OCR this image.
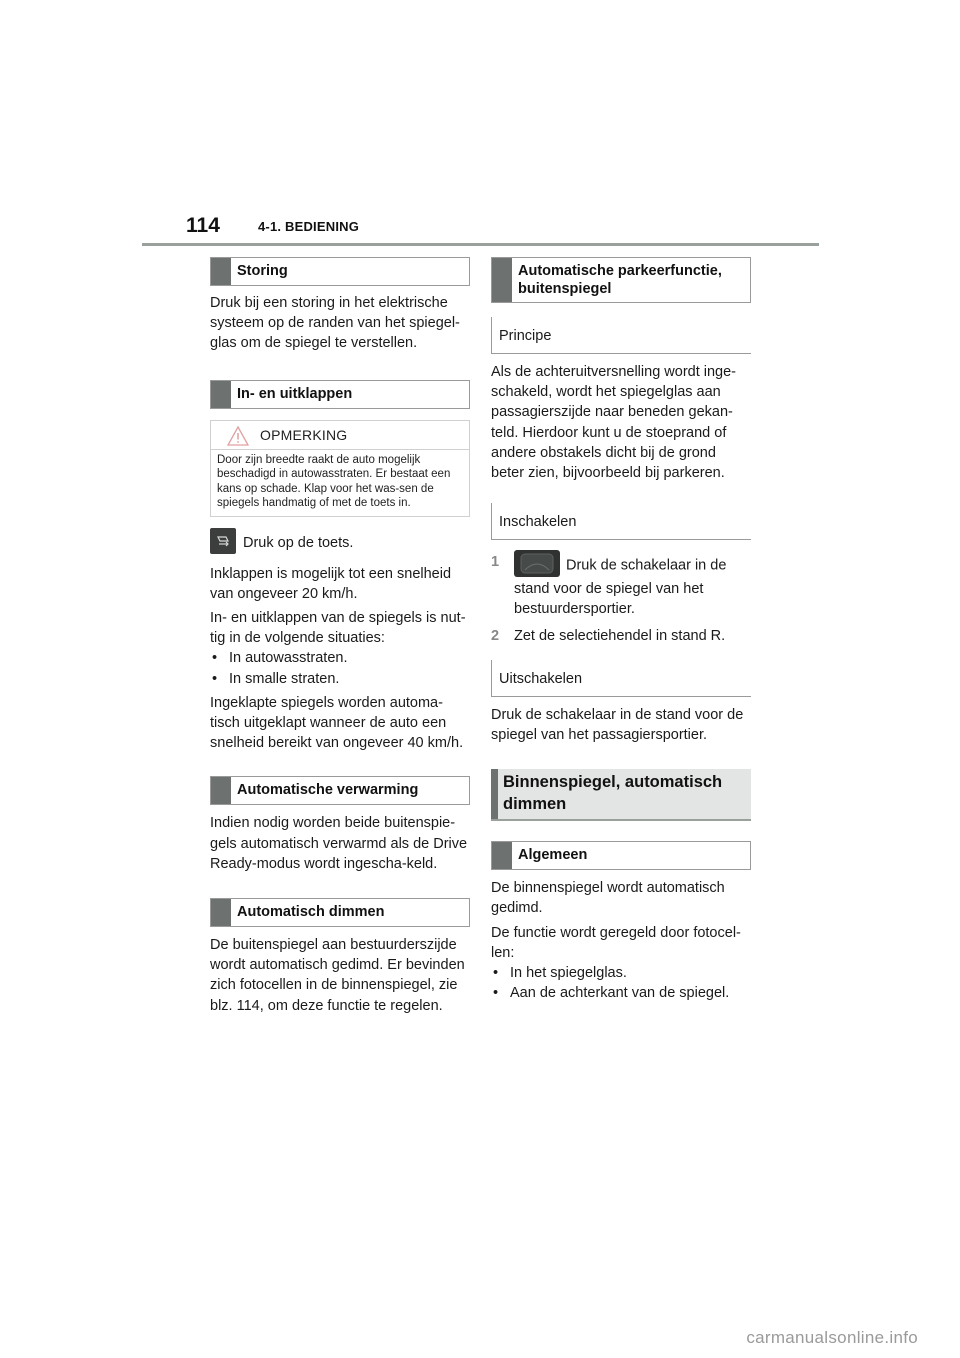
114	4-1. BEDIENING
Storing

Druk bij een storing in het elektrische systeem op de randen van het spiegel-glas om de spiegel te verstellen.

In- en uitklappen
OPMERKING
Door zijn breedte raakt de auto mogelijk beschadigd in autowasstraten. Er bestaat een kans op schade. Klap voor het was-sen de spiegels handmatig of met de toets in.

Druk op de toets.

Inklappen is mogelijk tot een snelheid van ongeveer 20 km/h.

In- en uitklappen van de spiegels is nut-tig in de volgende situaties:

• In autowasstraten.

• In smalle straten.

Ingeklapte spiegels worden automa-tisch uitgeklapt wanneer de auto een snelheid bereikt van ongeveer 40 km/h.

Automatische verwarming

Indien nodig worden beide buitenspie-gels automatisch verwarmd als de Drive Ready-modus wordt ingescha-keld.

Automatisch dimmen

De buitenspiegel aan bestuurderszijde wordt automatisch gedimd. Er bevinden zich fotocellen in de binnenspiegel, zie blz. 114, om deze functie te regelen.

Automatische parkeerfunctie, buitenspiegel
Principe

Als de achteruitversnelling wordt inge-schakeld, wordt het spiegelglas aan passagierszijde naar beneden gekan-teld. Hierdoor kunt u de stoeprand of andere obstakels dicht bij de grond beter zien, bijvoorbeeld bij parkeren.

Inschakelen

1	Druk de schakelaar in de stand voor de spiegel van het bestuurdersportier.

2 Zet de selectiehendel in stand R.

Uitschakelen

Druk de schakelaar in de stand voor de spiegel van het passagiersportier.

Binnenspiegel, automatisch dimmen
Algemeen

De binnenspiegel wordt automatisch gedimd.

De functie wordt geregeld door fotocel-len:

• In het spiegelglas.

• Aan de achterkant van de spiegel.

carmanualsonline.info
